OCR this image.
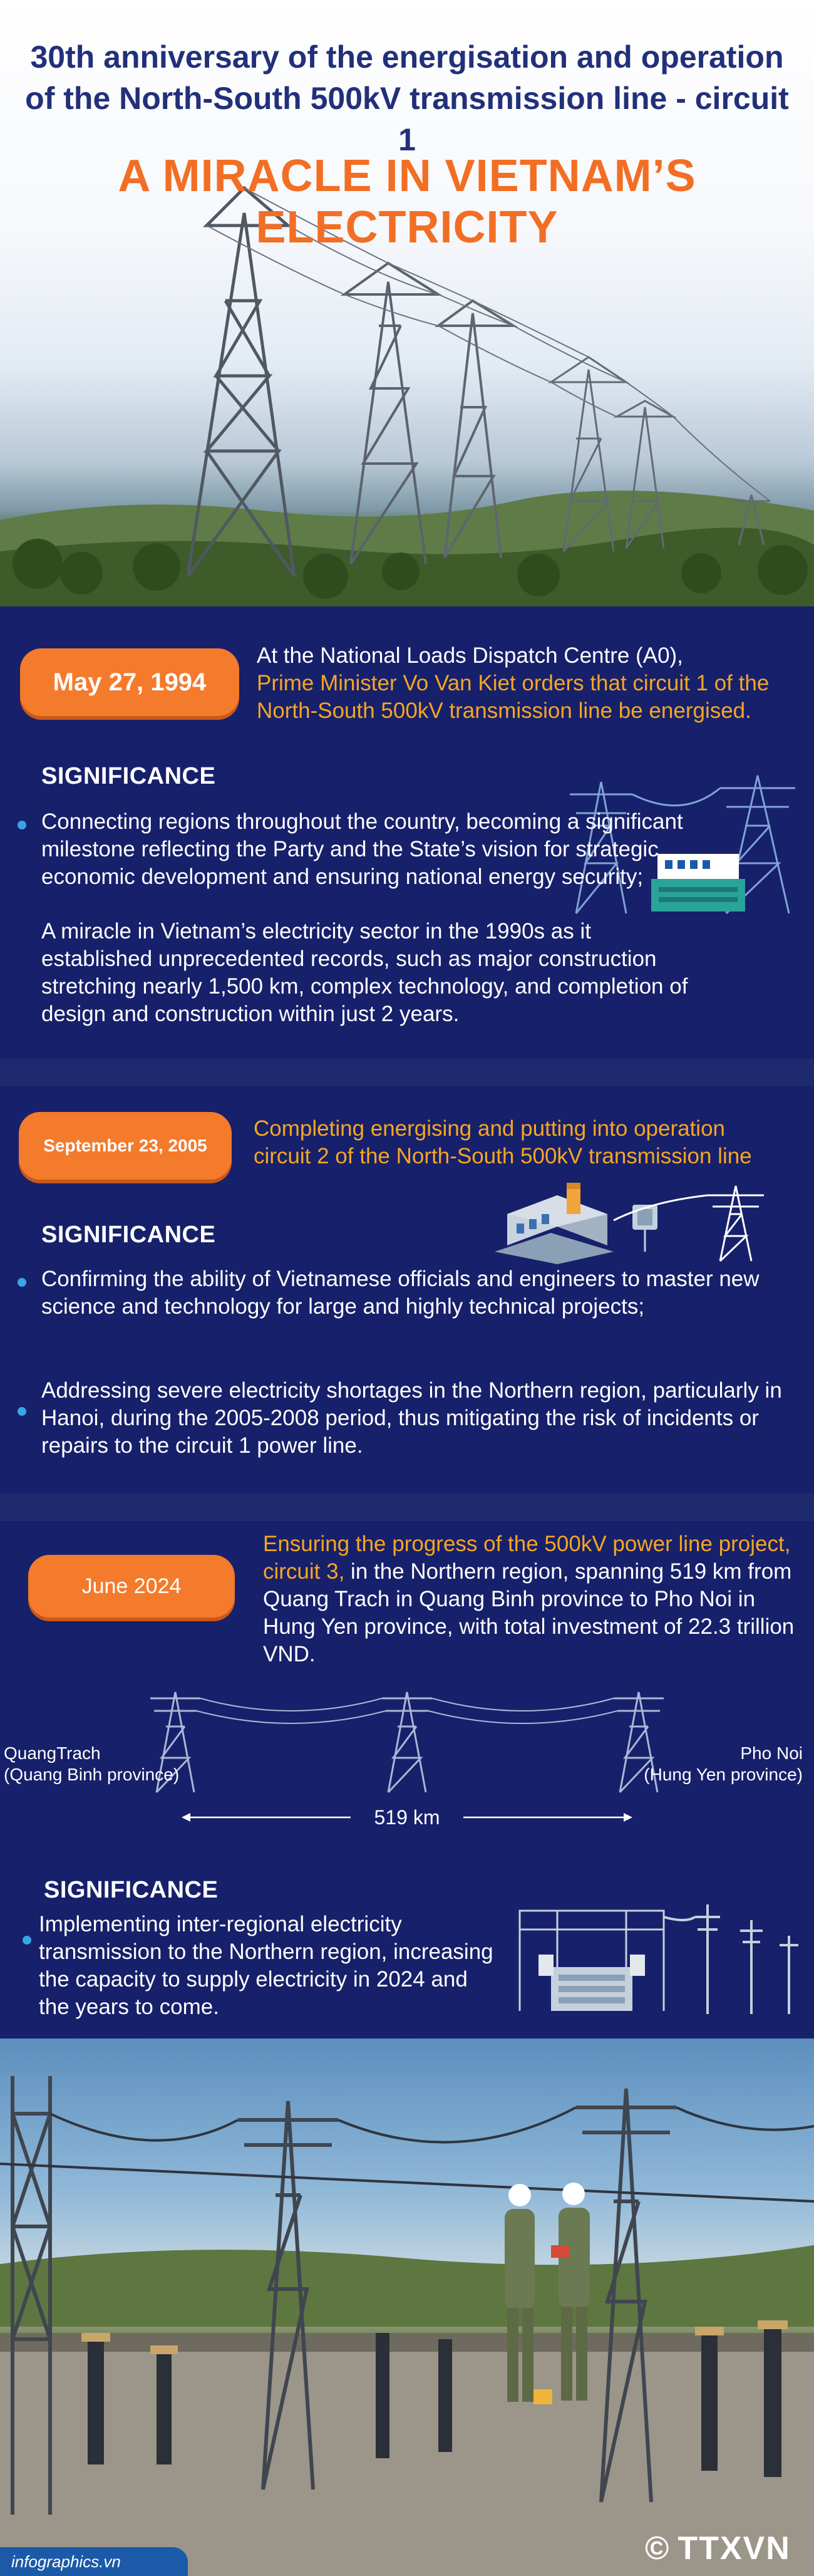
30th anniversary of the energisation and operation of the North-South 500kV transmission line - circuit 1
A MIRACLE IN VIETNAM’S ELECTRICITY
May 27, 1994
At the National Loads Dispatch Centre (A0),
Prime Minister Vo Van Kiet orders that circuit 1 of the North-South 500kV transmission line be energised.
SIGNIFICANCE
Connecting regions throughout the country, becoming a significant milestone reflecting the Party and the State’s vision for strategic economic development and ensuring national energy security;
A miracle in Vietnam’s electricity sector in the 1990s as it established unprecedented records, such as major construction stretching nearly 1,500 km, complex technology, and completion of design and construction within just 2 years.
September 23, 2005
Completing energising and putting into operation circuit 2 of the North-South 500kV transmission line
SIGNIFICANCE
Confirming the ability of Vietnamese officials and engineers to master new science and technology for large and highly technical projects;
Addressing severe electricity shortages in the Northern region, particularly in Hanoi, during the 2005-2008 period, thus mitigating the risk of incidents or repairs to the circuit 1 power line.
June 2024
Ensuring the progress of the 500kV power line project, circuit 3, in the Northern region, spanning 519 km from Quang Trach in Quang Binh province to Pho Noi in Hung Yen province, with total investment of 22.3 trillion VND.
QuangTrach
(Quang Binh province)
Pho Noi
(Hung Yen province)
519 km
SIGNIFICANCE
Implementing inter-regional electricity transmission to the Northern region, increasing the capacity to supply electricity in 2024 and the years to come.
infographics.vn	© TTXVN
